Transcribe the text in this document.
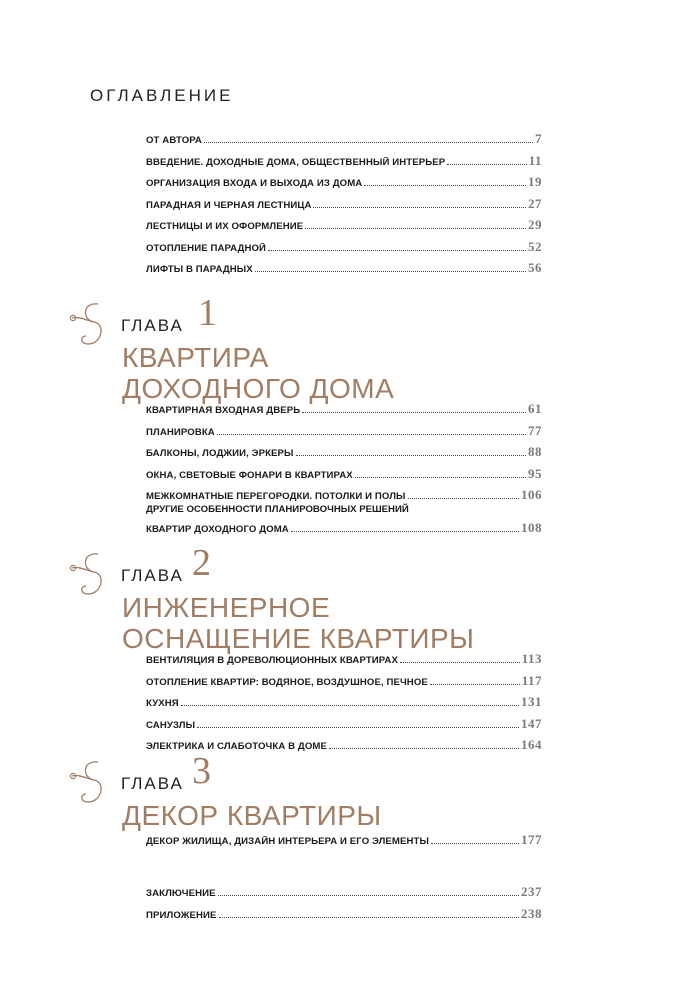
ОГЛАВЛЕНИЕ
ОТ АВТОРА	7
ВВЕДЕНИЕ. ДОХОДНЫЕ ДОМА, ОБЩЕСТВЕННЫЙ ИНТЕРЬЕР	11
ОРГАНИЗАЦИЯ ВХОДА И ВЫХОДА ИЗ ДОМА	19
ПАРАДНАЯ И ЧЕРНАЯ ЛЕСТНИЦА	27
ЛЕСТНИЦЫ И ИХ ОФОРМЛЕНИЕ	29
ОТОПЛЕНИЕ ПАРАДНОЙ	52
ЛИФТЫ В ПАРАДНЫХ	56
ГЛАВА 1
КВАРТИРА
ДОХОДНОГО ДОМА
КВАРТИРНАЯ ВХОДНАЯ ДВЕРЬ	61
ПЛАНИРОВКА	77
БАЛКОНЫ, ЛОДЖИИ, ЭРКЕРЫ	88
ОКНА, СВЕТОВЫЕ ФОНАРИ В КВАРТИРАХ	95
МЕЖКОМНАТНЫЕ ПЕРЕГОРОДКИ. ПОТОЛКИ И ПОЛЫ	106
ДРУГИЕ ОСОБЕННОСТИ ПЛАНИРОВОЧНЫХ РЕШЕНИЙ
КВАРТИР ДОХОДНОГО ДОМА	108
ГЛАВА 2
ИНЖЕНЕРНОЕ
ОСНАЩЕНИЕ КВАРТИРЫ
ВЕНТИЛЯЦИЯ В ДОРЕВОЛЮЦИОННЫХ КВАРТИРАХ	113
ОТОПЛЕНИЕ КВАРТИР: ВОДЯНОЕ, ВОЗДУШНОЕ, ПЕЧНОЕ	117
КУХНЯ	131
САНУЗЛЫ	147
ЭЛЕКТРИКА И СЛАБОТОЧКА В ДОМЕ	164
ГЛАВА 3
ДЕКОР КВАРТИРЫ
ДЕКОР ЖИЛИЩА, ДИЗАЙН ИНТЕРЬЕРА И ЕГО ЭЛЕМЕНТЫ	177
ЗАКЛЮЧЕНИЕ	237
ПРИЛОЖЕНИЕ	238
